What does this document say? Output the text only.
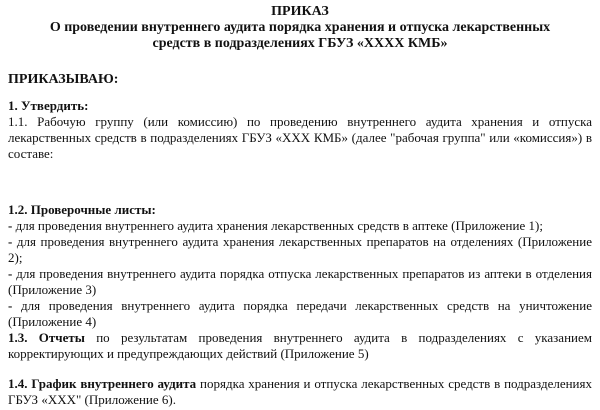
ПРИКАЗ

О проведении внутреннего аудита порядка хранения и отпуска лекарственных средств в подразделениях ГБУЗ «ХХХХ КМБ»

ПРИКАЗЫВАЮ:

1. Утвердить:

1.1. Рабочую группу (или комиссию) по проведению внутреннего аудита хранения и отпуска лекарственных средств в подразделениях ГБУЗ «ХХХ КМБ» (далее "рабочая группа" или «комиссия») в составе:

1.2. Проверочные листы:

- для проведения внутреннего аудита хранения лекарственных средств в аптеке (Приложение 1);

- для проведения внутреннего аудита хранения лекарственных препаратов на отделениях (Приложение 2);

- для проведения внутреннего аудита порядка отпуска лекарственных препаратов из аптеки в отделения (Приложение 3)

- для проведения внутреннего аудита порядка передачи лекарственных средств на уничтожение (Приложение 4)

1.3. Отчеты по результатам проведения внутреннего аудита в подразделениях с указанием корректирующих и предупреждающих действий (Приложение 5)

1.4. График внутреннего аудита порядка хранения и отпуска лекарственных средств в подразделениях ГБУЗ «ХХХ" (Приложение 6).
